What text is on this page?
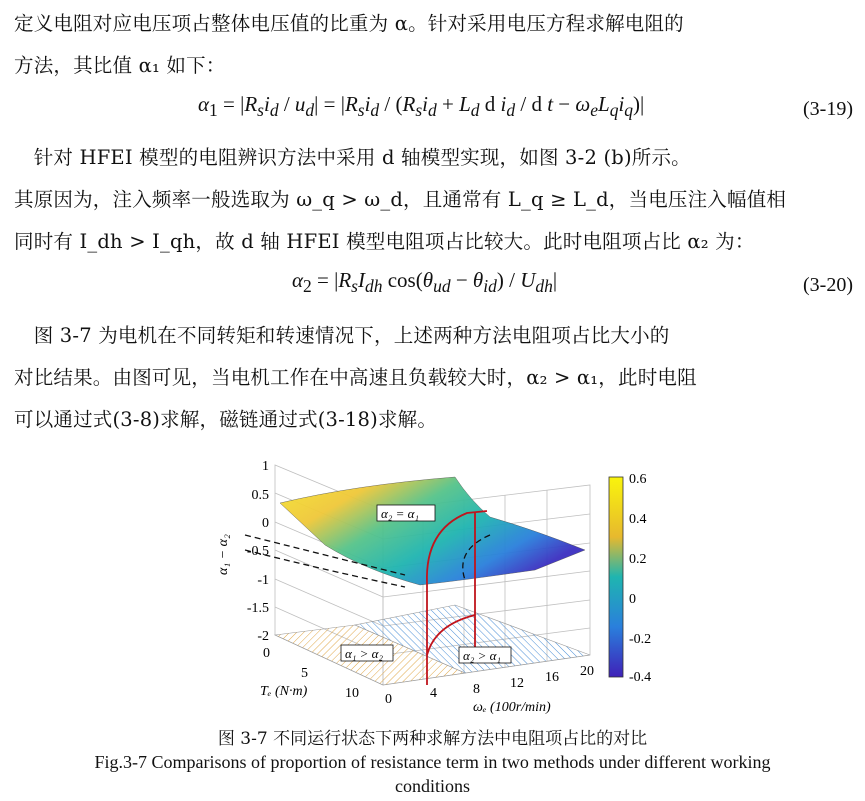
定义电阻对应电压项占整体电压值的比重为 α。针对采用电压方程求解电阻的
方法，其比值 α₁ 如下：
$\alpha_1 = |R_si_d / u_d| = |R_si_d / (R_si_d + L_d$ d $i_d$ / d $t - \omega_eL_qi_q)|$	(3-19)
　针对 HFEI 模型的电阻辨识方法中采用 d 轴模型实现，如图 3-2 (b)所示。
其原因为，注入频率一般选取为 ω_q > ω_d，且通常有 L_q ≥ L_d，当电压注入幅值相
同时有 I_dh > I_qh，故 d 轴 HFEI 模型电阻项占比较大。此时电阻项占比 α₂ 为：
$\alpha_2 = |R_sI_{dh}$ $\cos(\theta_{ud} - \theta_{id}) / U_{dh}|$	(3-20)
　图 3-7 为电机在不同转矩和转速情况下，上述两种方法电阻项占比大小的
对比结果。由图可见，当电机工作在中高速且负载较大时，α₂ > α₁，此时电阻
可以通过式(3-8)求解，磁链通过式(3-18)求解。
α₂ = α₁
α₁ > α₂	α₂ > α₁
1
0.5
0
-0.5
-1
-1.5
-2
α₁ − α₂
0
5
10
Tₑ (N·m)
0	4	8 12 16 20
ωₑ (100r/min)
0.6
0.4
0.2
0
-0.2
-0.4
图 3-7 不同运行状态下两种求解方法中电阻项占比的对比
Fig.3-7 Comparisons of proportion of resistance term in two methods under different working
conditions
